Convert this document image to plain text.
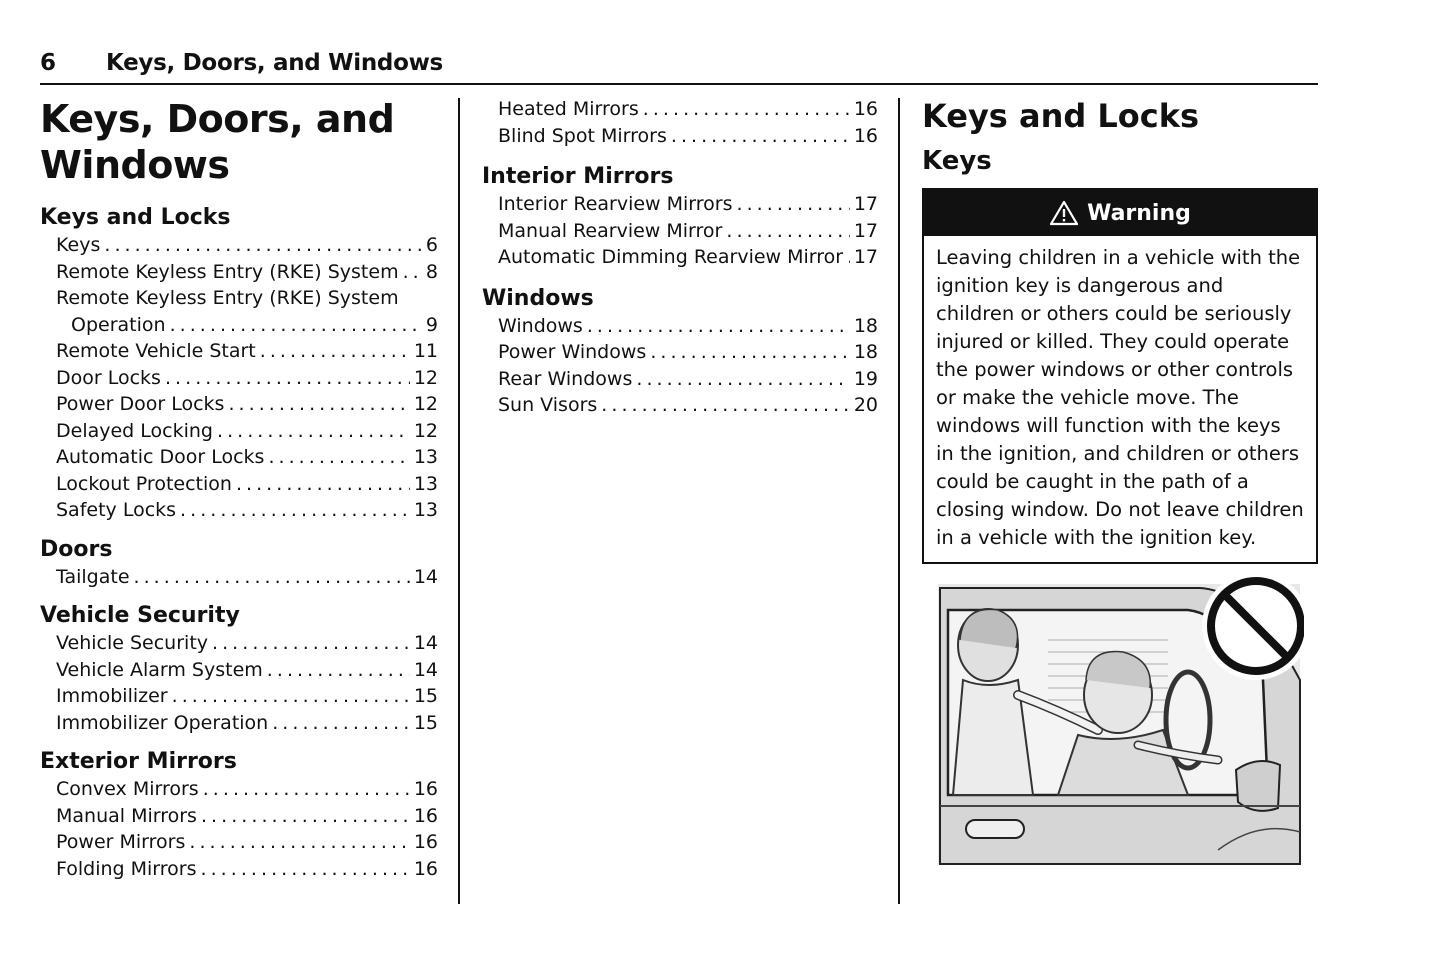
6 Keys, Doors, and Windows
Keys, Doors, and
Windows
Keys and Locks
Keys . . .	6
Remote Keyless Entry (RKE) System . . . 8
Remote Keyless Entry (RKE) System
Operation . . .	9
Remote Vehicle Start . . .	11
Door Locks . . .	12
Power Door Locks . . .	12
Delayed Locking . . .	12
Automatic Door Locks . . .	13
Lockout Protection . . .	13
Safety Locks . . .	13
Doors
Tailgate . . .	14
Vehicle Security
Vehicle Security . . .	14
Vehicle Alarm System . . .	14
Immobilizer . . .	15
Immobilizer Operation . . .	15
Exterior Mirrors
Convex Mirrors . . .	16
Manual Mirrors . . .	16
Power Mirrors . . .	16
Folding Mirrors . . .	16
Heated Mirrors . . .	16
Blind Spot Mirrors . . .	16
Interior Mirrors
Interior Rearview Mirrors . . .	17
Manual Rearview Mirror . . .	17
Automatic Dimming Rearview Mirror . . . 17
Windows
Windows . . .	18
Power Windows . . .	18
Rear Windows . . .	19
Sun Visors . . .	20
Keys and Locks
Keys
Warning
Leaving children in a vehicle with the ignition key is dangerous and children or others could be seriously injured or killed. They could operate the power windows or other controls or make the vehicle move. The windows will function with the keys in the ignition, and children or others could be caught in the path of a closing window. Do not leave children in a vehicle with the ignition key.
